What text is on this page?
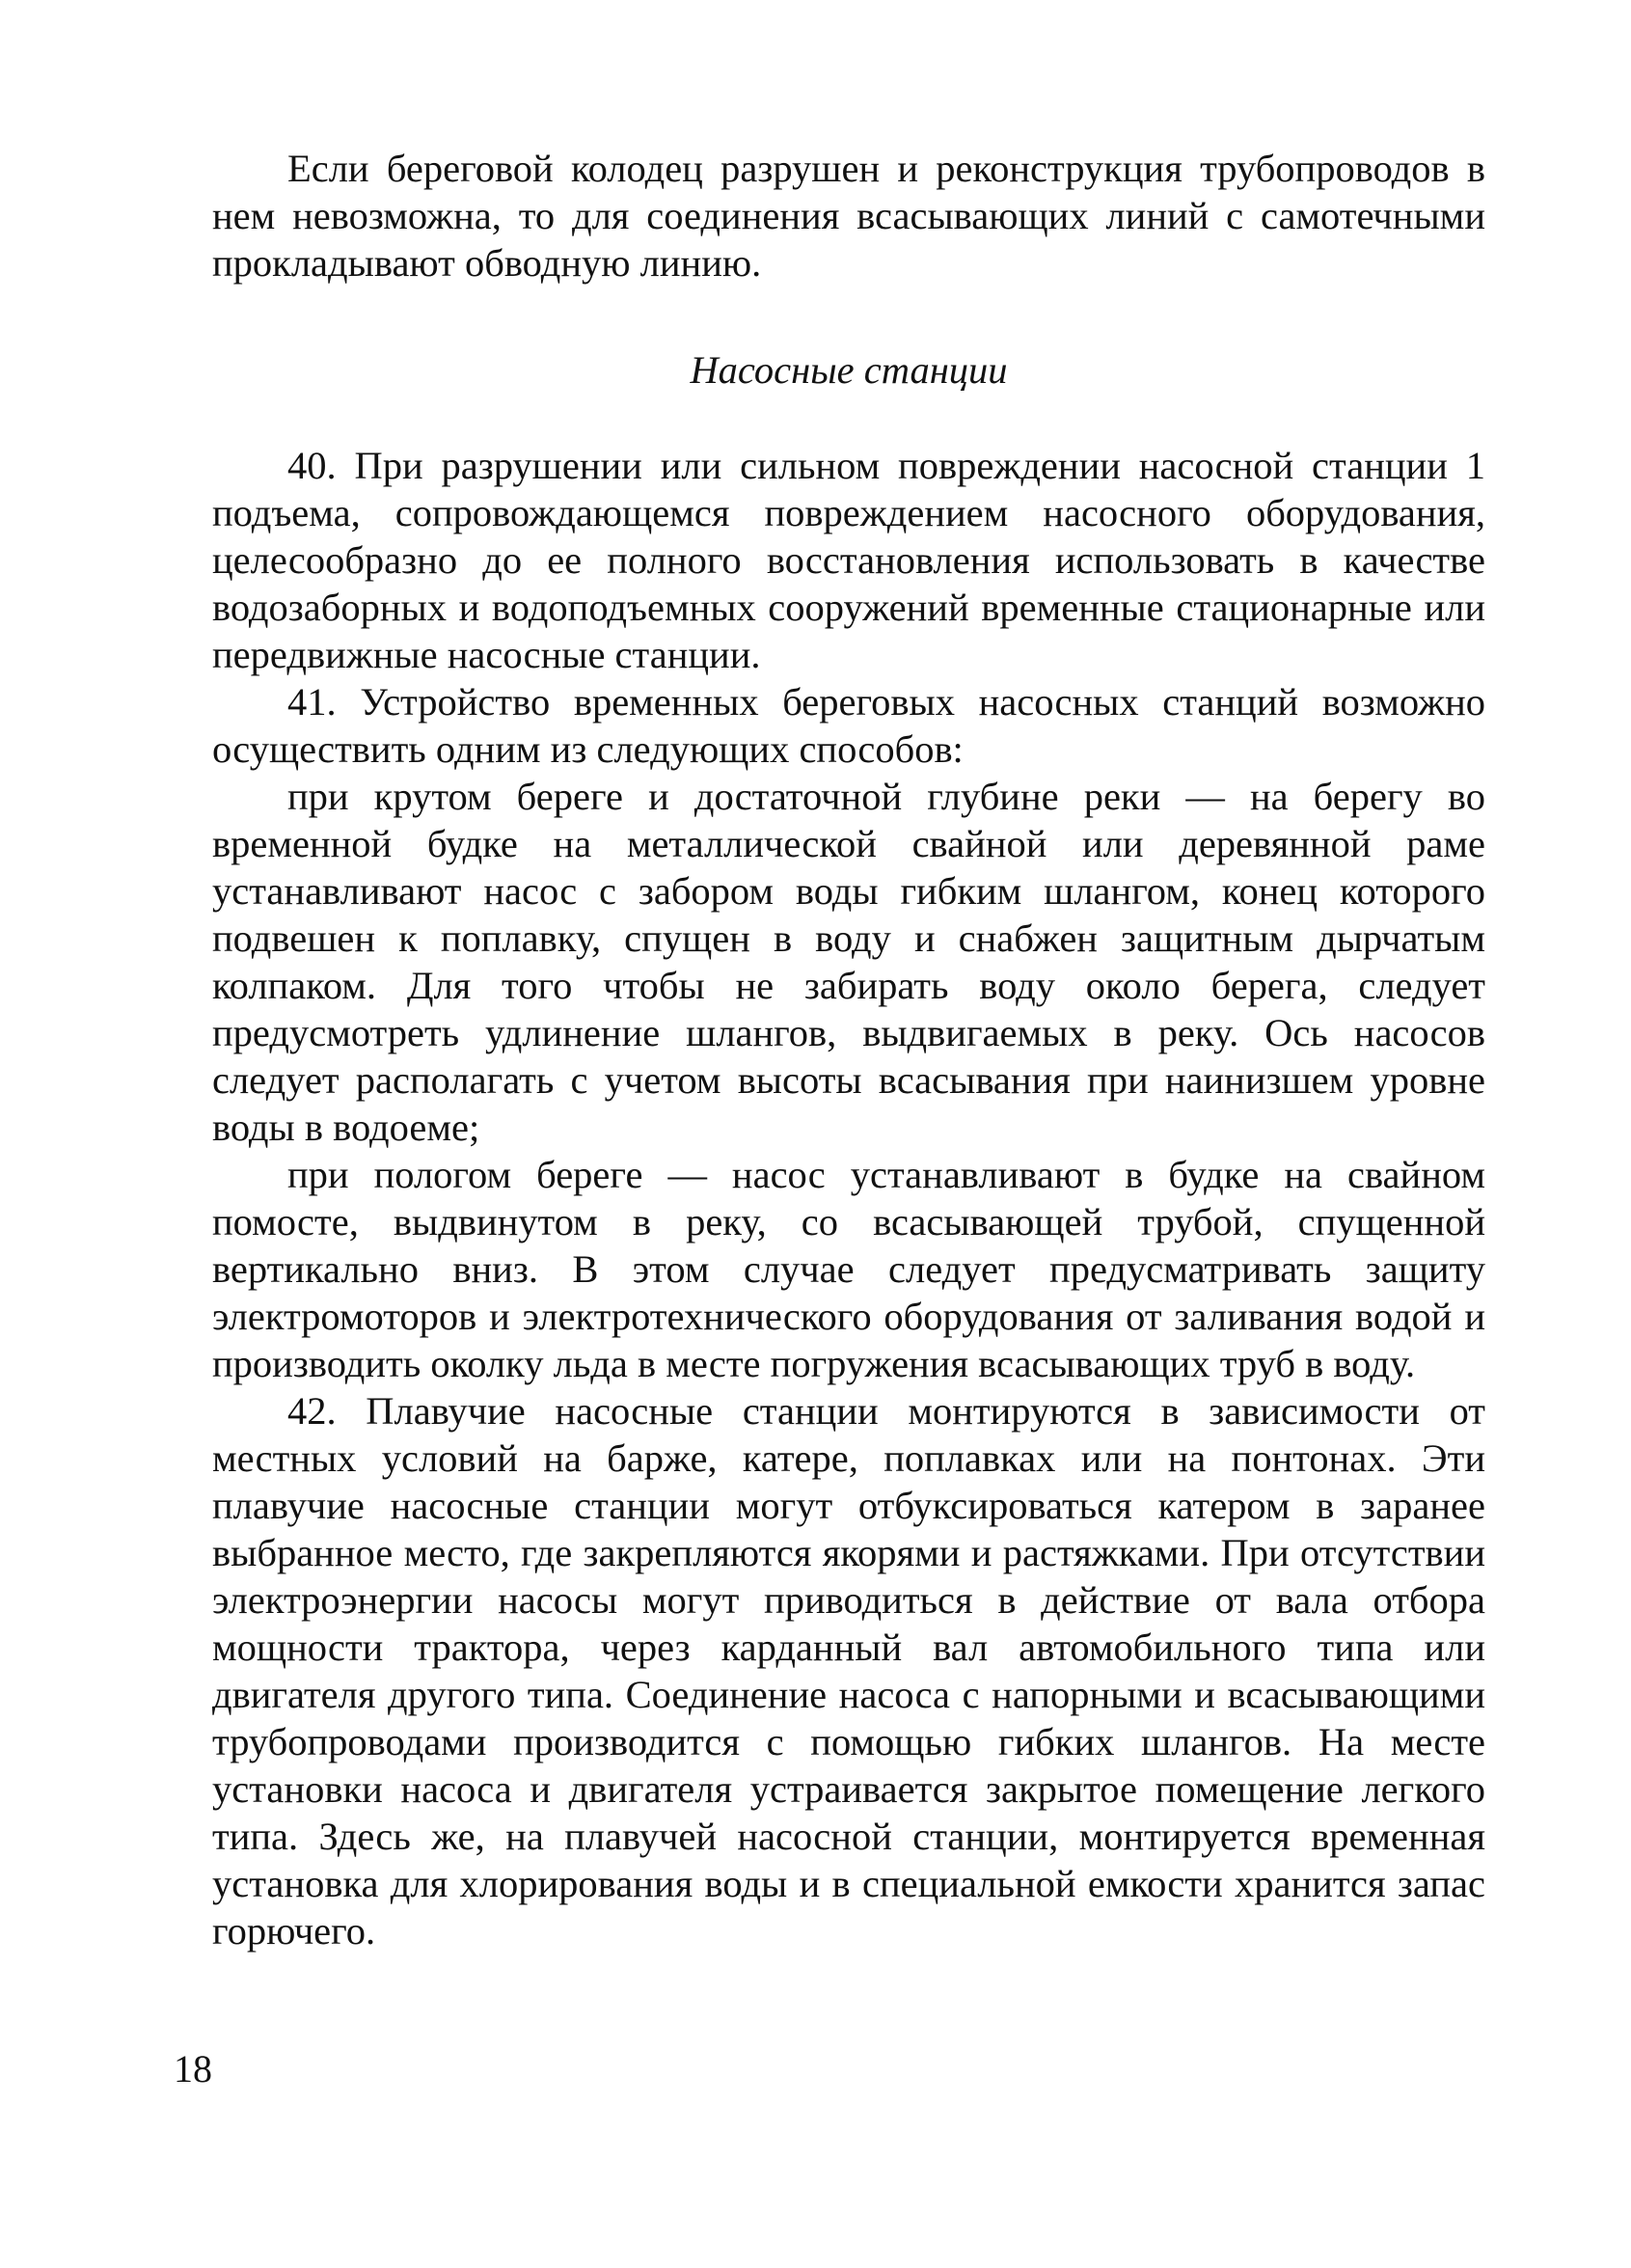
Если береговой колодец разрушен и реконструкция трубопроводов в нем невозможна, то для соединения всасывающих линий с самотечными прокладывают обводную линию.

Насосные станции

40. При разрушении или сильном повреждении насосной станции 1 подъема, сопровождающемся повреждением насосного оборудования, целесообразно до ее полного восстановления использовать в качестве водозаборных и водоподъемных сооружений временные стационарные или передвижные насосные станции.

41. Устройство временных береговых насосных станций возможно осуществить одним из следующих способов:

при крутом береге и достаточной глубине реки — на берегу во временной будке на металлической свайной или деревянной раме устанавливают насос с забором воды гибким шлангом, конец которого подвешен к поплавку, спущен в воду и снабжен защитным дырчатым колпаком. Для того чтобы не забирать воду около берега, следует предусмотреть удлинение шлангов, выдвигаемых в реку. Ось насосов следует располагать с учетом высоты всасывания при наинизшем уровне воды в водоеме;

при пологом береге — насос устанавливают в будке на свайном помосте, выдвинутом в реку, со всасывающей трубой, спущенной вертикально вниз. В этом случае следует предусматривать защиту электромоторов и электротехнического оборудования от заливания водой и производить околку льда в месте погружения всасывающих труб в воду.

42. Плавучие насосные станции монтируются в зависимости от местных условий на барже, катере, поплавках или на понтонах. Эти плавучие насосные станции могут отбуксироваться катером в заранее выбранное место, где закрепляются якорями и растяжками. При отсутствии электроэнергии насосы могут приводиться в действие от вала отбора мощности трактора, через карданный вал автомобильного типа или двигателя другого типа. Соединение насоса с напорными и всасывающими трубопроводами производится с помощью гибких шлангов. На месте установки насоса и двигателя устраивается закрытое помещение легкого типа. Здесь же, на плавучей насосной станции, монтируется временная установка для хлорирования воды и в специальной емкости хранится запас горючего.

18
